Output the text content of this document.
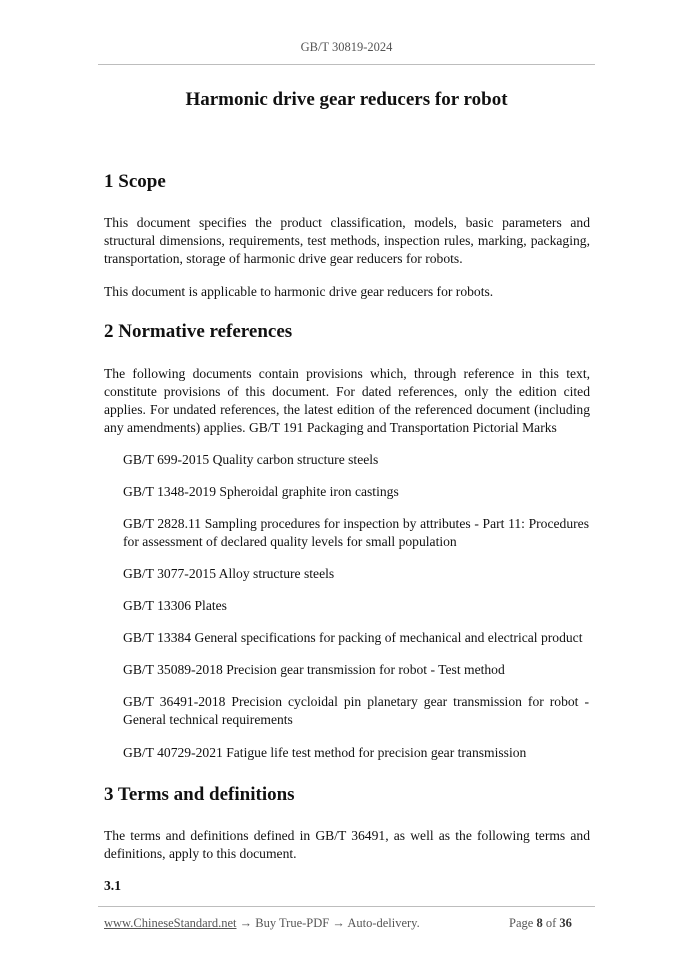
GB/T 30819-2024
Harmonic drive gear reducers for robot
1 Scope
This document specifies the product classification, models, basic parameters and structural dimensions, requirements, test methods, inspection rules, marking, packaging, transportation, storage of harmonic drive gear reducers for robots.
This document is applicable to harmonic drive gear reducers for robots.
2 Normative references
The following documents contain provisions which, through reference in this text, constitute provisions of this document. For dated references, only the edition cited applies. For undated references, the latest edition of the referenced document (including any amendments) applies. GB/T 191 Packaging and Transportation Pictorial Marks
GB/T 699-2015 Quality carbon structure steels
GB/T 1348-2019 Spheroidal graphite iron castings
GB/T 2828.11 Sampling procedures for inspection by attributes - Part 11: Procedures for assessment of declared quality levels for small population
GB/T 3077-2015 Alloy structure steels
GB/T 13306 Plates
GB/T 13384 General specifications for packing of mechanical and electrical product
GB/T 35089-2018 Precision gear transmission for robot - Test method
GB/T 36491-2018 Precision cycloidal pin planetary gear transmission for robot - General technical requirements
GB/T 40729-2021 Fatigue life test method for precision gear transmission
3 Terms and definitions
The terms and definitions defined in GB/T 36491, as well as the following terms and definitions, apply to this document.
3.1
www.ChineseStandard.net → Buy True-PDF → Auto-delivery.	Page 8 of 36
